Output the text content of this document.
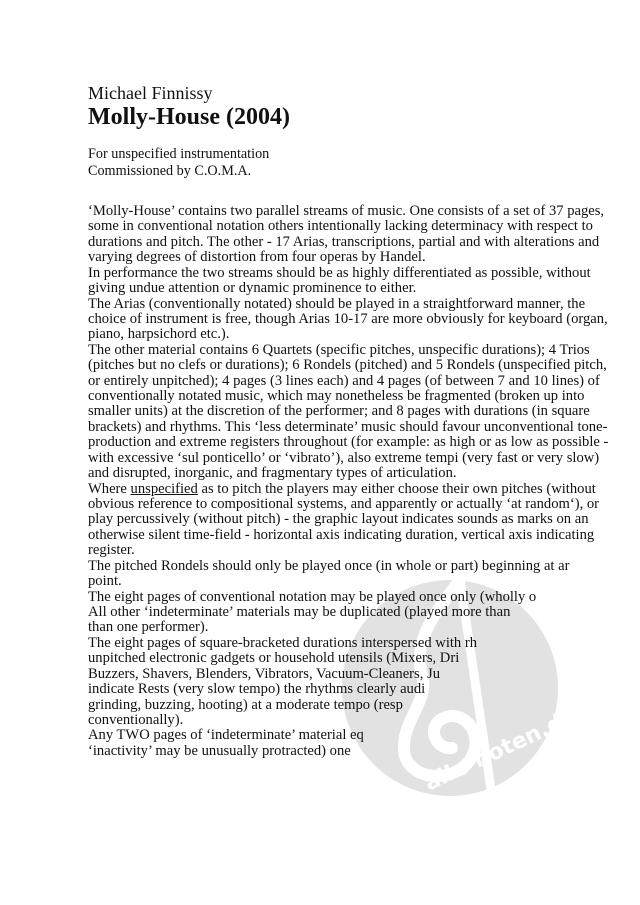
alle-noten.de
Michael Finnissy
Molly-House (2004)
For unspecified instrumentation
Commissioned by C.O.M.A.
‘Molly-House’ contains two parallel streams of music. One consists of a set of 37 pages,
some in conventional notation others intentionally lacking determinacy with respect to
durations and pitch. The other - 17 Arias, transcriptions, partial and with alterations and
varying degrees of distortion from four operas by Handel.
In performance the two streams should be as highly differentiated as possible, without
giving undue attention or dynamic prominence to either.
The Arias (conventionally notated) should be played in a straightforward manner, the
choice of instrument is free, though Arias 10-17 are more obviously for keyboard (organ,
piano, harpsichord etc.).
The other material contains 6 Quartets (specific pitches, unspecific durations); 4 Trios
(pitches but no clefs or durations); 6 Rondels (pitched) and 5 Rondels (unspecified pitch,
or entirely unpitched); 4 pages (3 lines each) and 4 pages (of between 7 and 10 lines) of
conventionally notated music, which may nonetheless be fragmented (broken up into
smaller units) at the discretion of the performer; and 8 pages with durations (in square
brackets) and rhythms. This ‘less determinate’ music should favour unconventional tone-
production and extreme registers throughout (for example: as high or as low as possible -
with excessive ‘sul ponticello’ or ‘vibrato’), also extreme tempi (very fast or very slow)
and disrupted, inorganic, and fragmentary types of articulation.
Where unspecified as to pitch the players may either choose their own pitches (without
obvious reference to compositional systems, and apparently or actually ‘at random‘), or
play percussively (without pitch) - the graphic layout indicates sounds as marks on an
otherwise silent time-field - horizontal axis indicating duration, vertical axis indicating
register.
The pitched Rondels should only be played once (in whole or part) beginning at ar
point.
The eight pages of conventional notation may be played once only (wholly o
All other ‘indeterminate’ materials may be duplicated (played more than
than one performer).
The eight pages of square-bracketed durations interspersed with rh
unpitched electronic gadgets or household utensils (Mixers, Dri
Buzzers, Shavers, Blenders, Vibrators, Vacuum-Cleaners, Ju
indicate Rests (very slow tempo) the rhythms clearly audi
grinding, buzzing, hooting) at a moderate tempo (resp
conventionally).
Any TWO pages of ‘indeterminate’ material eq
‘inactivity’ may be unusually protracted) one
